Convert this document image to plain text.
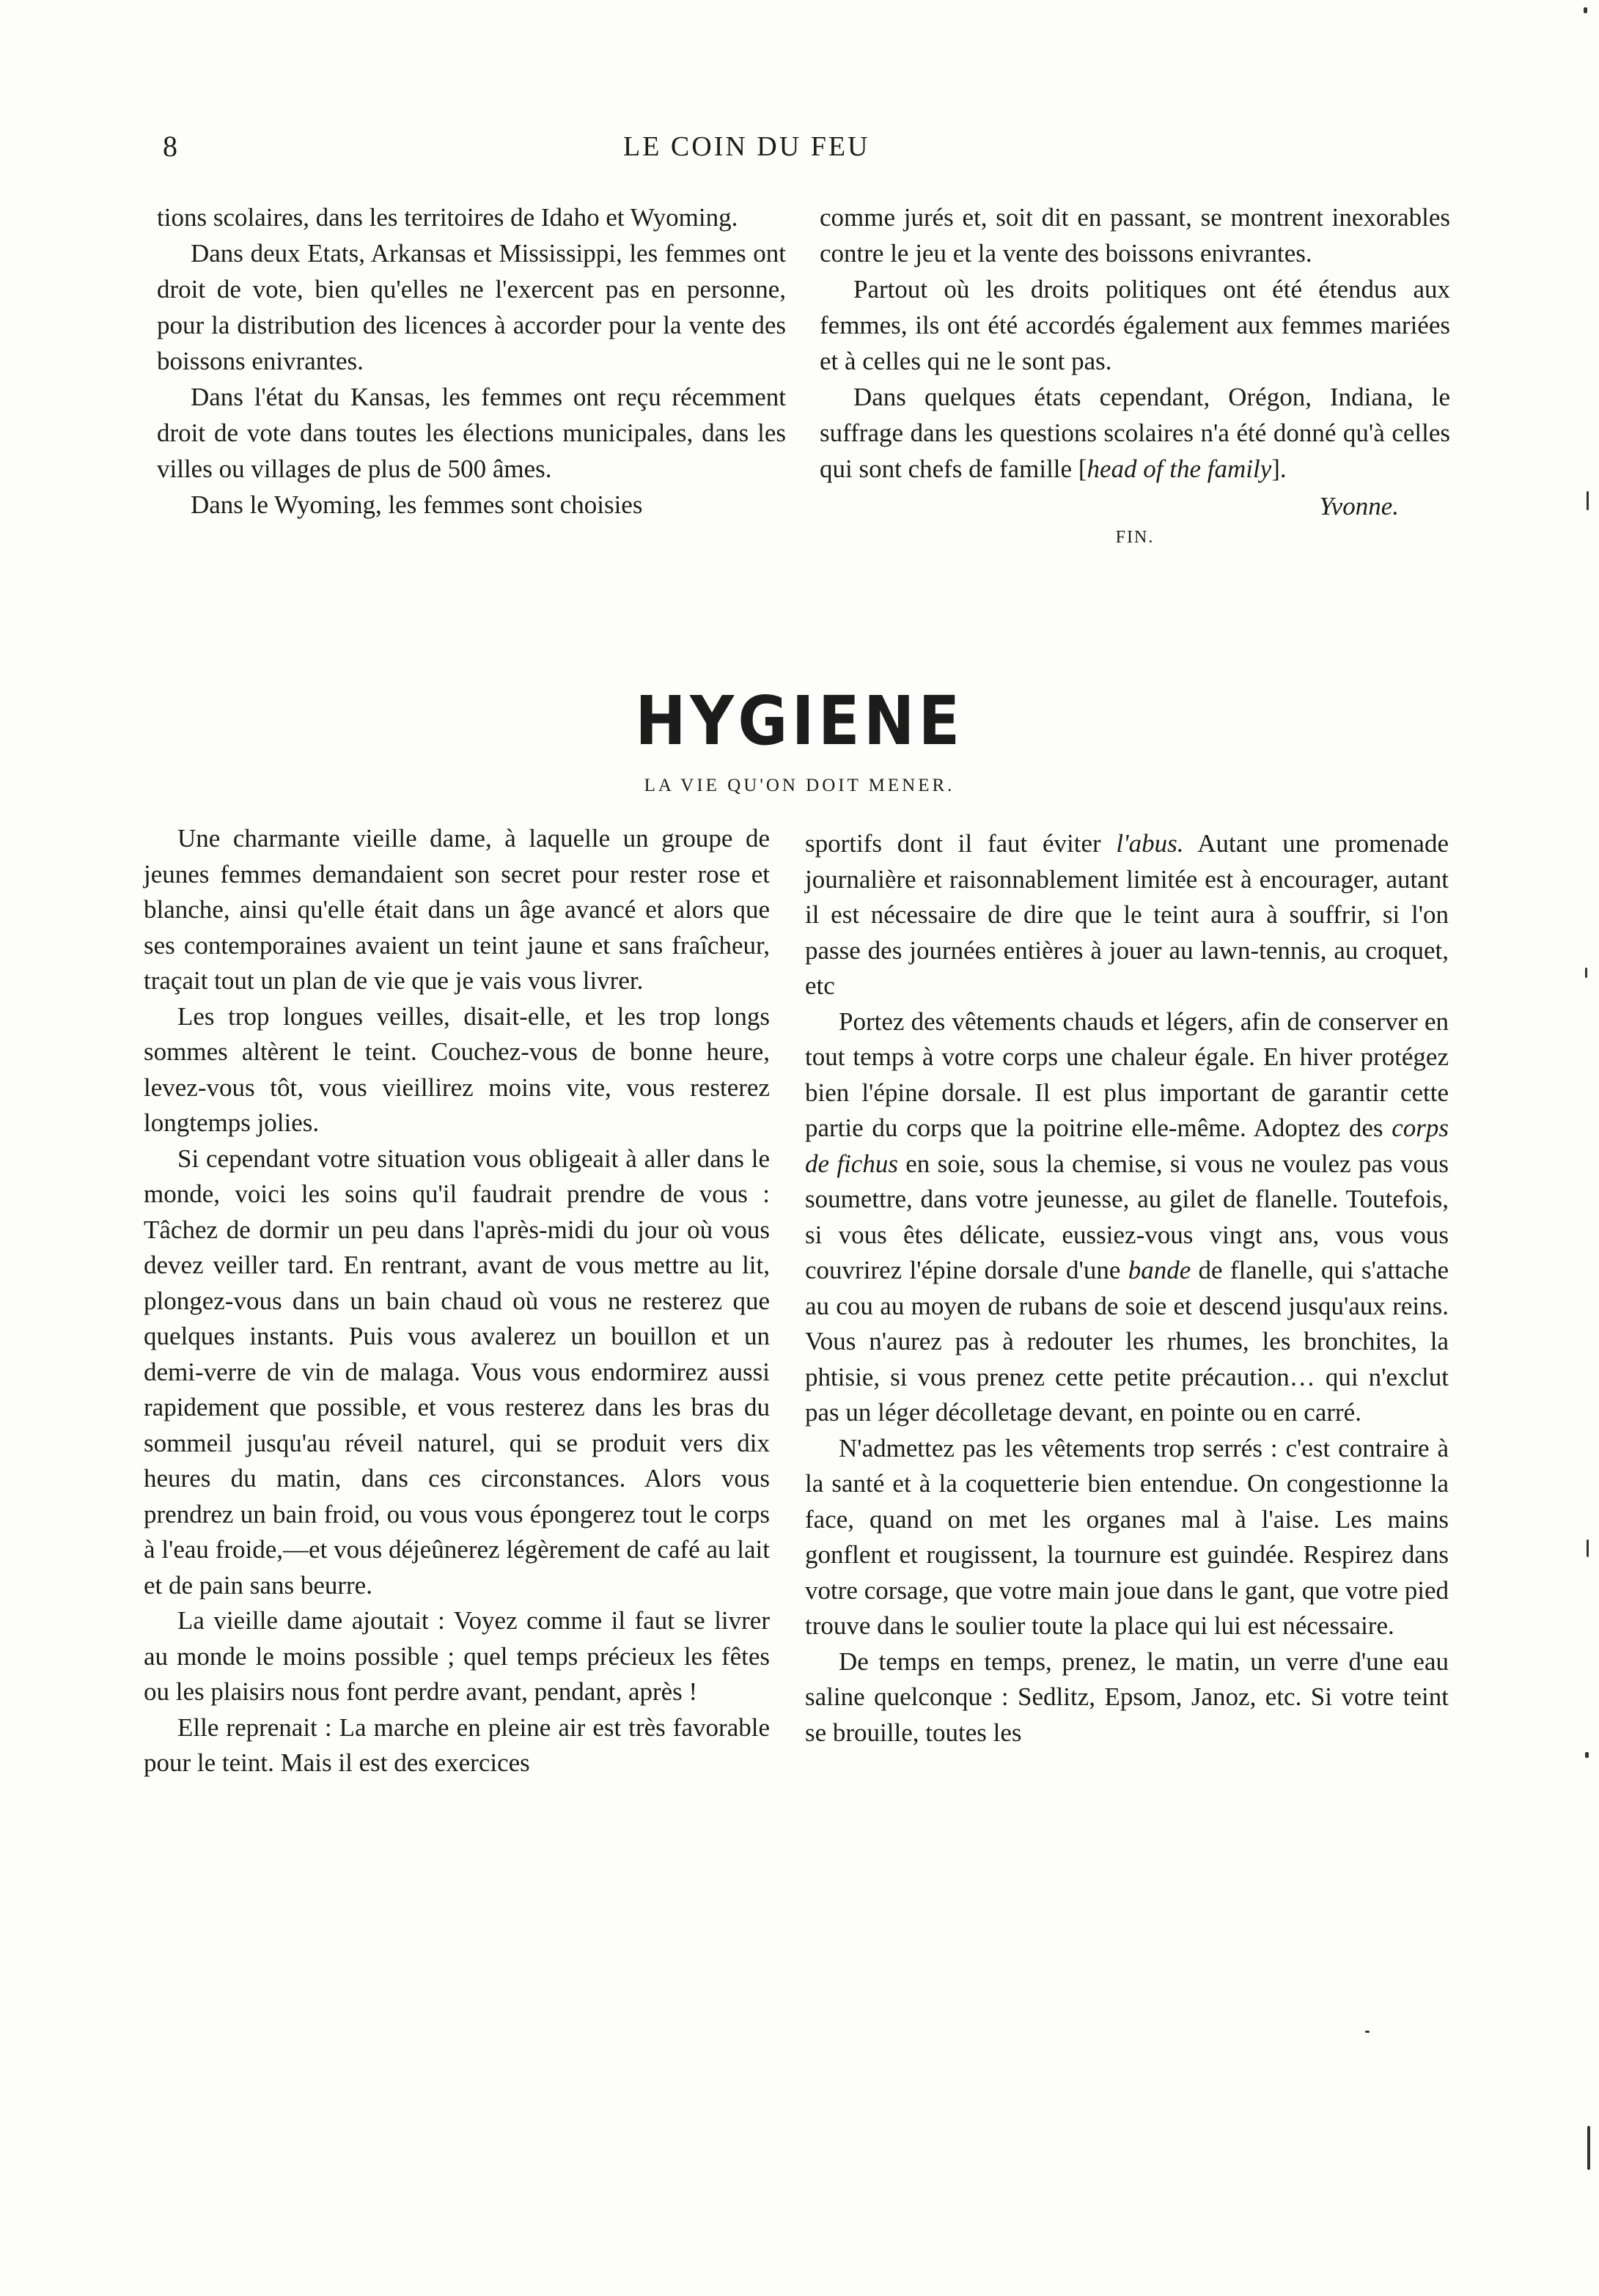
8	LE COIN DU FEU

tions scolaires, dans les territoires de Idaho et Wyoming.

Dans deux Etats, Arkansas et Mississippi, les femmes ont droit de vote, bien qu'elles ne l'exercent pas en personne, pour la distribution des licences à accorder pour la vente des boissons enivrantes.

Dans l'état du Kansas, les femmes ont reçu récemment droit de vote dans toutes les élections municipales, dans les villes ou villages de plus de 500 âmes.

Dans le Wyoming, les femmes sont choisies

comme jurés et, soit dit en passant, se montrent inexorables contre le jeu et la vente des boissons enivrantes.

Partout où les droits politiques ont été étendus aux femmes, ils ont été accordés également aux femmes mariées et à celles qui ne le sont pas.

Dans quelques états cependant, Orégon, Indiana, le suffrage dans les questions scolaires n'a été donné qu'à celles qui sont chefs de famille [head of the family].

Yvonne.
FIN.
HYGIENE
LA VIE QU'ON DOIT MENER.

Une charmante vieille dame, à laquelle un groupe de jeunes femmes demandaient son secret pour rester rose et blanche, ainsi qu'elle était dans un âge avancé et alors que ses contemporaines avaient un teint jaune et sans fraîcheur, traçait tout un plan de vie que je vais vous livrer.

Les trop longues veilles, disait-elle, et les trop longs sommes altèrent le teint. Couchez-vous de bonne heure, levez-vous tôt, vous vieillirez moins vite, vous resterez longtemps jolies.

Si cependant votre situation vous obligeait à aller dans le monde, voici les soins qu'il faudrait prendre de vous : Tâchez de dormir un peu dans l'après-midi du jour où vous devez veiller tard. En rentrant, avant de vous mettre au lit, plongez-vous dans un bain chaud où vous ne resterez que quelques instants. Puis vous avalerez un bouillon et un demi-verre de vin de malaga. Vous vous endormirez aussi rapidement que possible, et vous resterez dans les bras du sommeil jusqu'au réveil naturel, qui se produit vers dix heures du matin, dans ces circonstances. Alors vous prendrez un bain froid, ou vous vous épongerez tout le corps à l'eau froide,—et vous déjeûnerez légèrement de café au lait et de pain sans beurre.

La vieille dame ajoutait : Voyez comme il faut se livrer au monde le moins possible ; quel temps précieux les fêtes ou les plaisirs nous font perdre avant, pendant, après !

Elle reprenait : La marche en pleine air est très favorable pour le teint. Mais il est des exercices

sportifs dont il faut éviter l'abus. Autant une promenade journalière et raisonnablement limitée est à encourager, autant il est nécessaire de dire que le teint aura à souffrir, si l'on passe des journées entières à jouer au lawn-tennis, au croquet, etc

Portez des vêtements chauds et légers, afin de conserver en tout temps à votre corps une chaleur égale. En hiver protégez bien l'épine dorsale. Il est plus important de garantir cette partie du corps que la poitrine elle-même. Adoptez des corps de fichus en soie, sous la chemise, si vous ne voulez pas vous soumettre, dans votre jeunesse, au gilet de flanelle. Toutefois, si vous êtes délicate, eussiez-vous vingt ans, vous vous couvrirez l'épine dorsale d'une bande de flanelle, qui s'attache au cou au moyen de rubans de soie et descend jusqu'aux reins. Vous n'aurez pas à redouter les rhumes, les bronchites, la phtisie, si vous prenez cette petite précaution… qui n'exclut pas un léger décolletage devant, en pointe ou en carré.

N'admettez pas les vêtements trop serrés : c'est contraire à la santé et à la coquetterie bien entendue. On congestionne la face, quand on met les organes mal à l'aise. Les mains gonflent et rougissent, la tournure est guindée. Respirez dans votre corsage, que votre main joue dans le gant, que votre pied trouve dans le soulier toute la place qui lui est nécessaire.

De temps en temps, prenez, le matin, un verre d'une eau saline quelconque : Sedlitz, Epsom, Janoz, etc. Si votre teint se brouille, toutes les
